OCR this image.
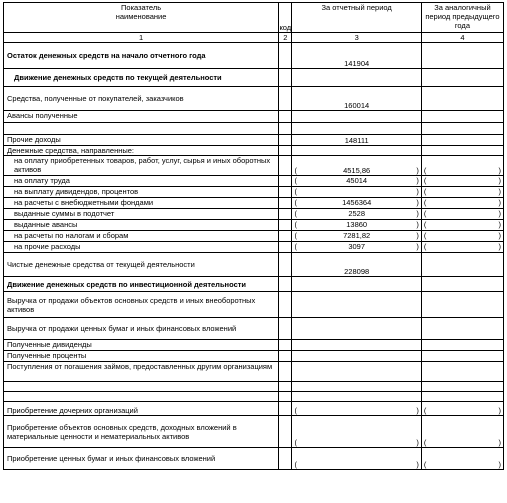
Показатель
наименование	код	За отчетный период	За аналогичный период предыдущего года
1	2	3	4
Остаток денежных средств на начало отчетного года		141904	
Движение денежных средств по текущей деятельности			
Средства, полученные от покупателей, заказчиков		160014	
Авансы полученные			

Прочие доходы		148111	
Денежные средства, направленные:			
на оплату приобретенных товаров, работ, услуг, сырья и иных оборотных активов		( 4515,86 )	( )

на оплату труда		( 45014 )	( )

на выплату дивидендов, процентов		( )	( )

на расчеты с внебюджетными фондами		( 1456364 )	( )

выданные суммы в подотчет		( 2528 )	( )

выданные авансы		( 13860 )	( )

на расчеты по налогам и сборам		( 7281,82 )	( )

на прочие расходы		( 3097 )	( )

Чистые денежные средства от текущей деятельности		228098	
Движение денежных средств по инвестиционной деятельности			
Выручка от продажи объектов основных средств и иных внеоборотных активов			
Выручка от продажи ценных бумаг и иных финансовых вложений			
Полученные дивиденды			
Полученные проценты			
Поступления от погашения займов, предоставленных другим организациям			

Приобретение дочерних организаций		( )	( )

Приобретение объектов основных средств, доходных вложений в материальные ценности и нематериальных активов		( )	( )

Приобретение ценных бумаг и иных финансовых вложений		( )	( )
